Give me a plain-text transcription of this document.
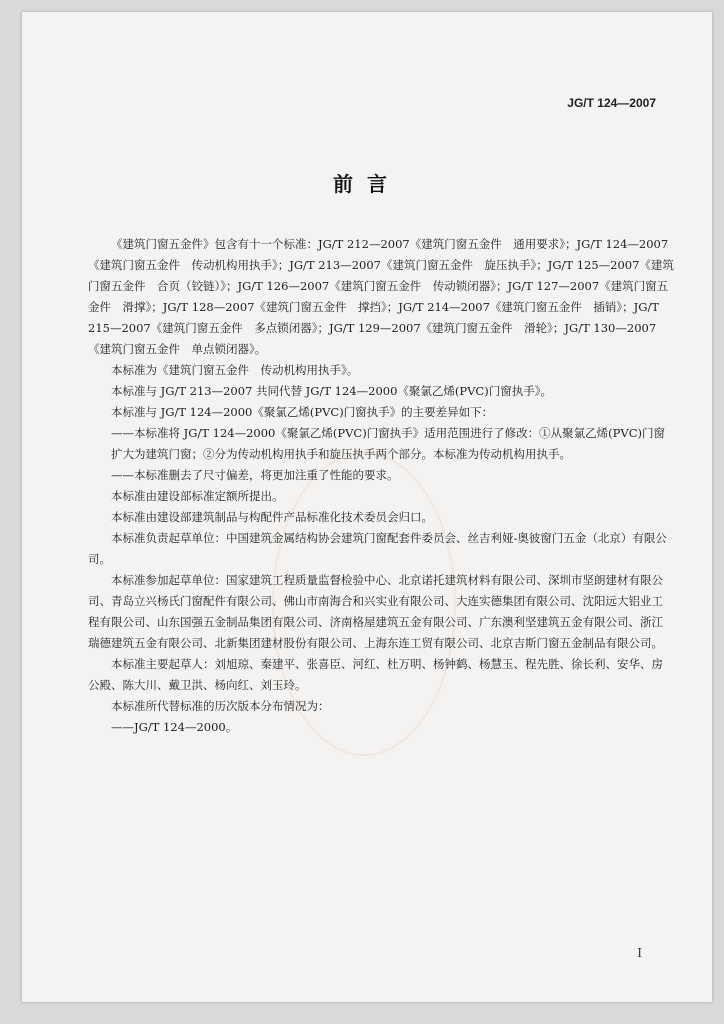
JG/T 124—2007
前言

《建筑门窗五金件》包含有十一个标准：JG/T 212—2007《建筑门窗五金件　通用要求》；JG/T 124—2007《建筑门窗五金件　传动机构用执手》；JG/T 213—2007《建筑门窗五金件　旋压执手》；JG/T 125—2007《建筑门窗五金件　合页（铰链）》；JG/T 126—2007《建筑门窗五金件　传动锁闭器》；JG/T 127—2007《建筑门窗五金件　滑撑》；JG/T 128—2007《建筑门窗五金件　撑挡》；JG/T 214—2007《建筑门窗五金件　插销》；JG/T 215—2007《建筑门窗五金件　多点锁闭器》；JG/T 129—2007《建筑门窗五金件　滑轮》；JG/T 130—2007《建筑门窗五金件　单点锁闭器》。

本标准为《建筑门窗五金件　传动机构用执手》。

本标准与 JG/T 213—2007 共同代替 JG/T 124—2000《聚氯乙烯(PVC)门窗执手》。

本标准与 JG/T 124—2000《聚氯乙烯(PVC)门窗执手》的主要差异如下：

——本标准将 JG/T 124—2000《聚氯乙烯(PVC)门窗执手》适用范围进行了修改：①从聚氯乙烯(PVC)门窗扩大为建筑门窗；②分为传动机构用执手和旋压执手两个部分。本标准为传动机构用执手。

——本标准删去了尺寸偏差，将更加注重了性能的要求。

本标准由建设部标准定额所提出。

本标准由建设部建筑制品与构配件产品标准化技术委员会归口。

本标准负责起草单位：中国建筑金属结构协会建筑门窗配套件委员会、丝吉利娅-奥彼窗门五金（北京）有限公司。

本标准参加起草单位：国家建筑工程质量监督检验中心、北京诺托建筑材料有限公司、深圳市坚朗建材有限公司、青岛立兴杨氏门窗配件有限公司、佛山市南海合和兴实业有限公司、大连实德集团有限公司、沈阳远大铝业工程有限公司、山东国强五金制品集团有限公司、济南格屋建筑五金有限公司、广东澳利坚建筑五金有限公司、浙江瑞德建筑五金有限公司、北新集团建材股份有限公司、上海东连工贸有限公司、北京吉斯门窗五金制品有限公司。

本标准主要起草人：刘旭琼、秦建平、张喜臣、河红、杜万明、杨钟鹤、杨慧玉、程先胜、徐长利、安华、房公殿、陈大川、戴卫洪、杨向红、刘玉玲。

本标准所代替标准的历次版本分布情况为：

——JG/T 124—2000。

I
